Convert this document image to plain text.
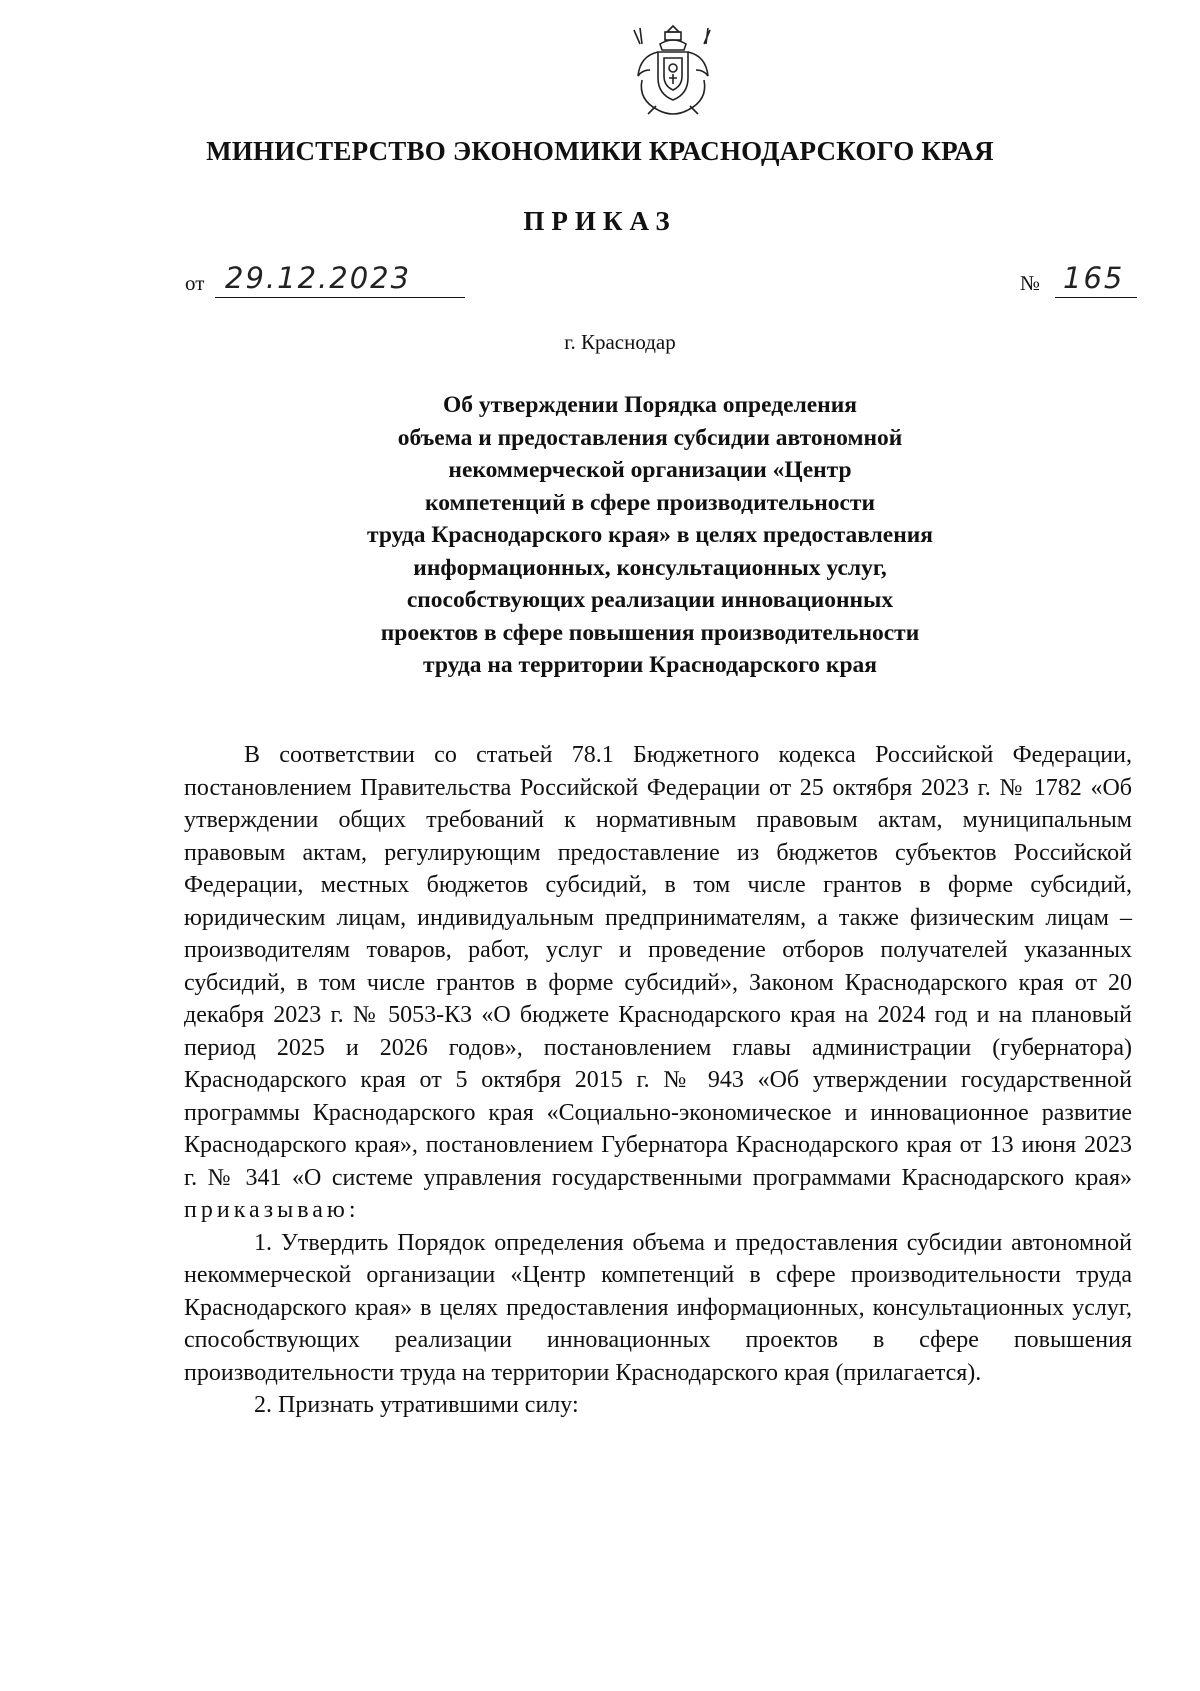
МИНИСТЕРСТВО ЭКОНОМИКИ КРАСНОДАРСКОГО КРАЯ
ПРИКАЗ
от 29.12.2023	№ 165
г. Краснодар
Об утверждении Порядка определения
объема и предоставления субсидии автономной
некоммерческой организации «Центр
компетенций в сфере производительности
труда Краснодарского края» в целях предоставления
информационных, консультационных услуг,
способствующих реализации инновационных
проектов в сфере повышения производительности
труда на территории Краснодарского края

В соответствии со статьей 78.1 Бюджетного кодекса Российской Федерации, постановлением Правительства Российской Федерации от 25 октября 2023 г. № 1782 «Об утверждении общих требований к нормативным правовым актам, муниципальным правовым актам, регулирующим предоставление из бюджетов субъектов Российской Федерации, местных бюджетов субсидий, в том числе грантов в форме субсидий, юридическим лицам, индивидуальным предпринимателям, а также физическим лицам – производителям товаров, работ, услуг и проведение отборов получателей указанных субсидий, в том числе грантов в форме субсидий», Законом Краснодарского края от 20 декабря 2023 г. № 5053-КЗ «О бюджете Краснодарского края на 2024 год и на плановый период 2025 и 2026 годов», постановлением главы администрации (губернатора) Краснодарского края от 5 октября 2015 г. № 943 «Об утверждении государственной программы Краснодарского края «Социально-экономическое и инновационное развитие Краснодарского края», постановлением Губернатора Краснодарского края от 13 июня 2023 г. № 341 «О системе управления государственными программами Краснодарского края» приказываю:

1. Утвердить Порядок определения объема и предоставления субсидии автономной некоммерческой организации «Центр компетенций в сфере производительности труда Краснодарского края» в целях предоставления информационных, консультационных услуг, способствующих реализации инновационных проектов в сфере повышения производительности труда на территории Краснодарского края (прилагается).

2. Признать утратившими силу:
